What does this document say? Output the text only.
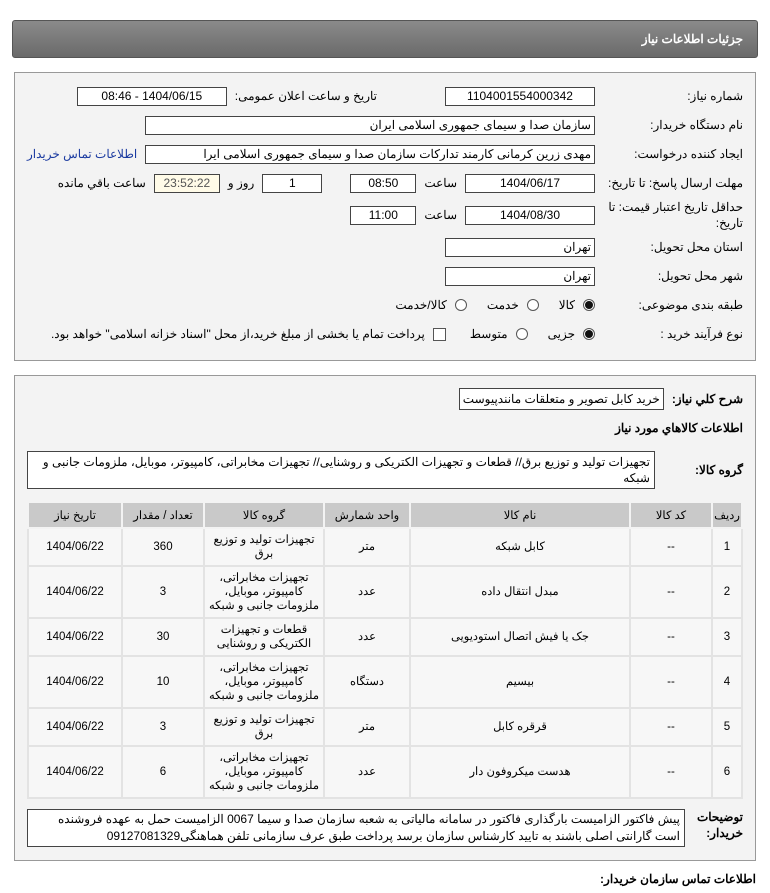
جزئیات اطلاعات نیاز
شماره نیاز:
1104001554000342
تاریخ و ساعت اعلان عمومی:
1404/06/15 - 08:46
نام دستگاه خریدار:
سازمان صدا و سیمای جمهوری اسلامی ایران
ایجاد کننده درخواست:
مهدی زرین کرمانی کارمند تدارکات سازمان صدا و سیمای جمهوری اسلامی ایرا
اطلاعات تماس خریدار
مهلت ارسال پاسخ: تا تاریخ:
1404/06/17
ساعت
08:50
1
روز و
23:52:22
ساعت باقي مانده
حداقل تاریخ اعتبار قیمت: تا تاریخ:
1404/08/30
ساعت
11:00
استان محل تحویل:
تهران
شهر محل تحویل:
تهران
طبقه بندی موضوعی:
کالا
خدمت
کالا/خدمت
نوع فرآیند خرید :
جزیی
متوسط
پرداخت تمام یا بخشی از مبلغ خرید،از محل "اسناد خزانه اسلامی" خواهد بود.
شرح کلي نياز:
خرید کابل تصویر و متعلقات مانندپیوست
اطلاعات کالاهاي مورد نياز
گروه کالا:
تجهیزات تولید و توزیع برق// قطعات و تجهیزات الکتریکی و روشنایی// تجهیزات مخابراتی، کامپیوتر، موبایل، ملزومات جانبی و شبکه
ردیف	کد کالا	نام کالا	واحد شمارش	گروه کالا	تعداد / مقدار	تاریخ نیاز
1	--	کابل شبکه	متر	تجهیزات تولید و توزیع برق	360	1404/06/22
2	--	مبدل انتقال داده	عدد	تجهیزات مخابراتی، کامپیوتر، موبایل، ملزومات جانبی و شبکه	3	1404/06/22
3	--	جک یا فیش اتصال استودیویی	عدد	قطعات و تجهیزات الکتریکی و روشنایی	30	1404/06/22
4	--	بیسیم	دستگاه	تجهیزات مخابراتی، کامپیوتر، موبایل، ملزومات جانبی و شبکه	10	1404/06/22
5	--	قرقره کابل	متر	تجهیزات تولید و توزیع برق	3	1404/06/22
6	--	هدست میکروفون دار	عدد	تجهیزات مخابراتی، کامپیوتر، موبایل، ملزومات جانبی و شبکه	6	1404/06/22
توضیحات خریدار:
پیش فاکتور الزامیست بارگذاری فاکتور در سامانه مالیاتی به شعبه سازمان صدا و سیما 0067 الزامیست حمل به عهده فروشنده است گارانتی اصلی باشند به تایید کارشناس سازمان برسد پرداخت طبق عرف سازمانی تلفن هماهنگی09127081329
اطلاعات تماس سازمان خریدار:
